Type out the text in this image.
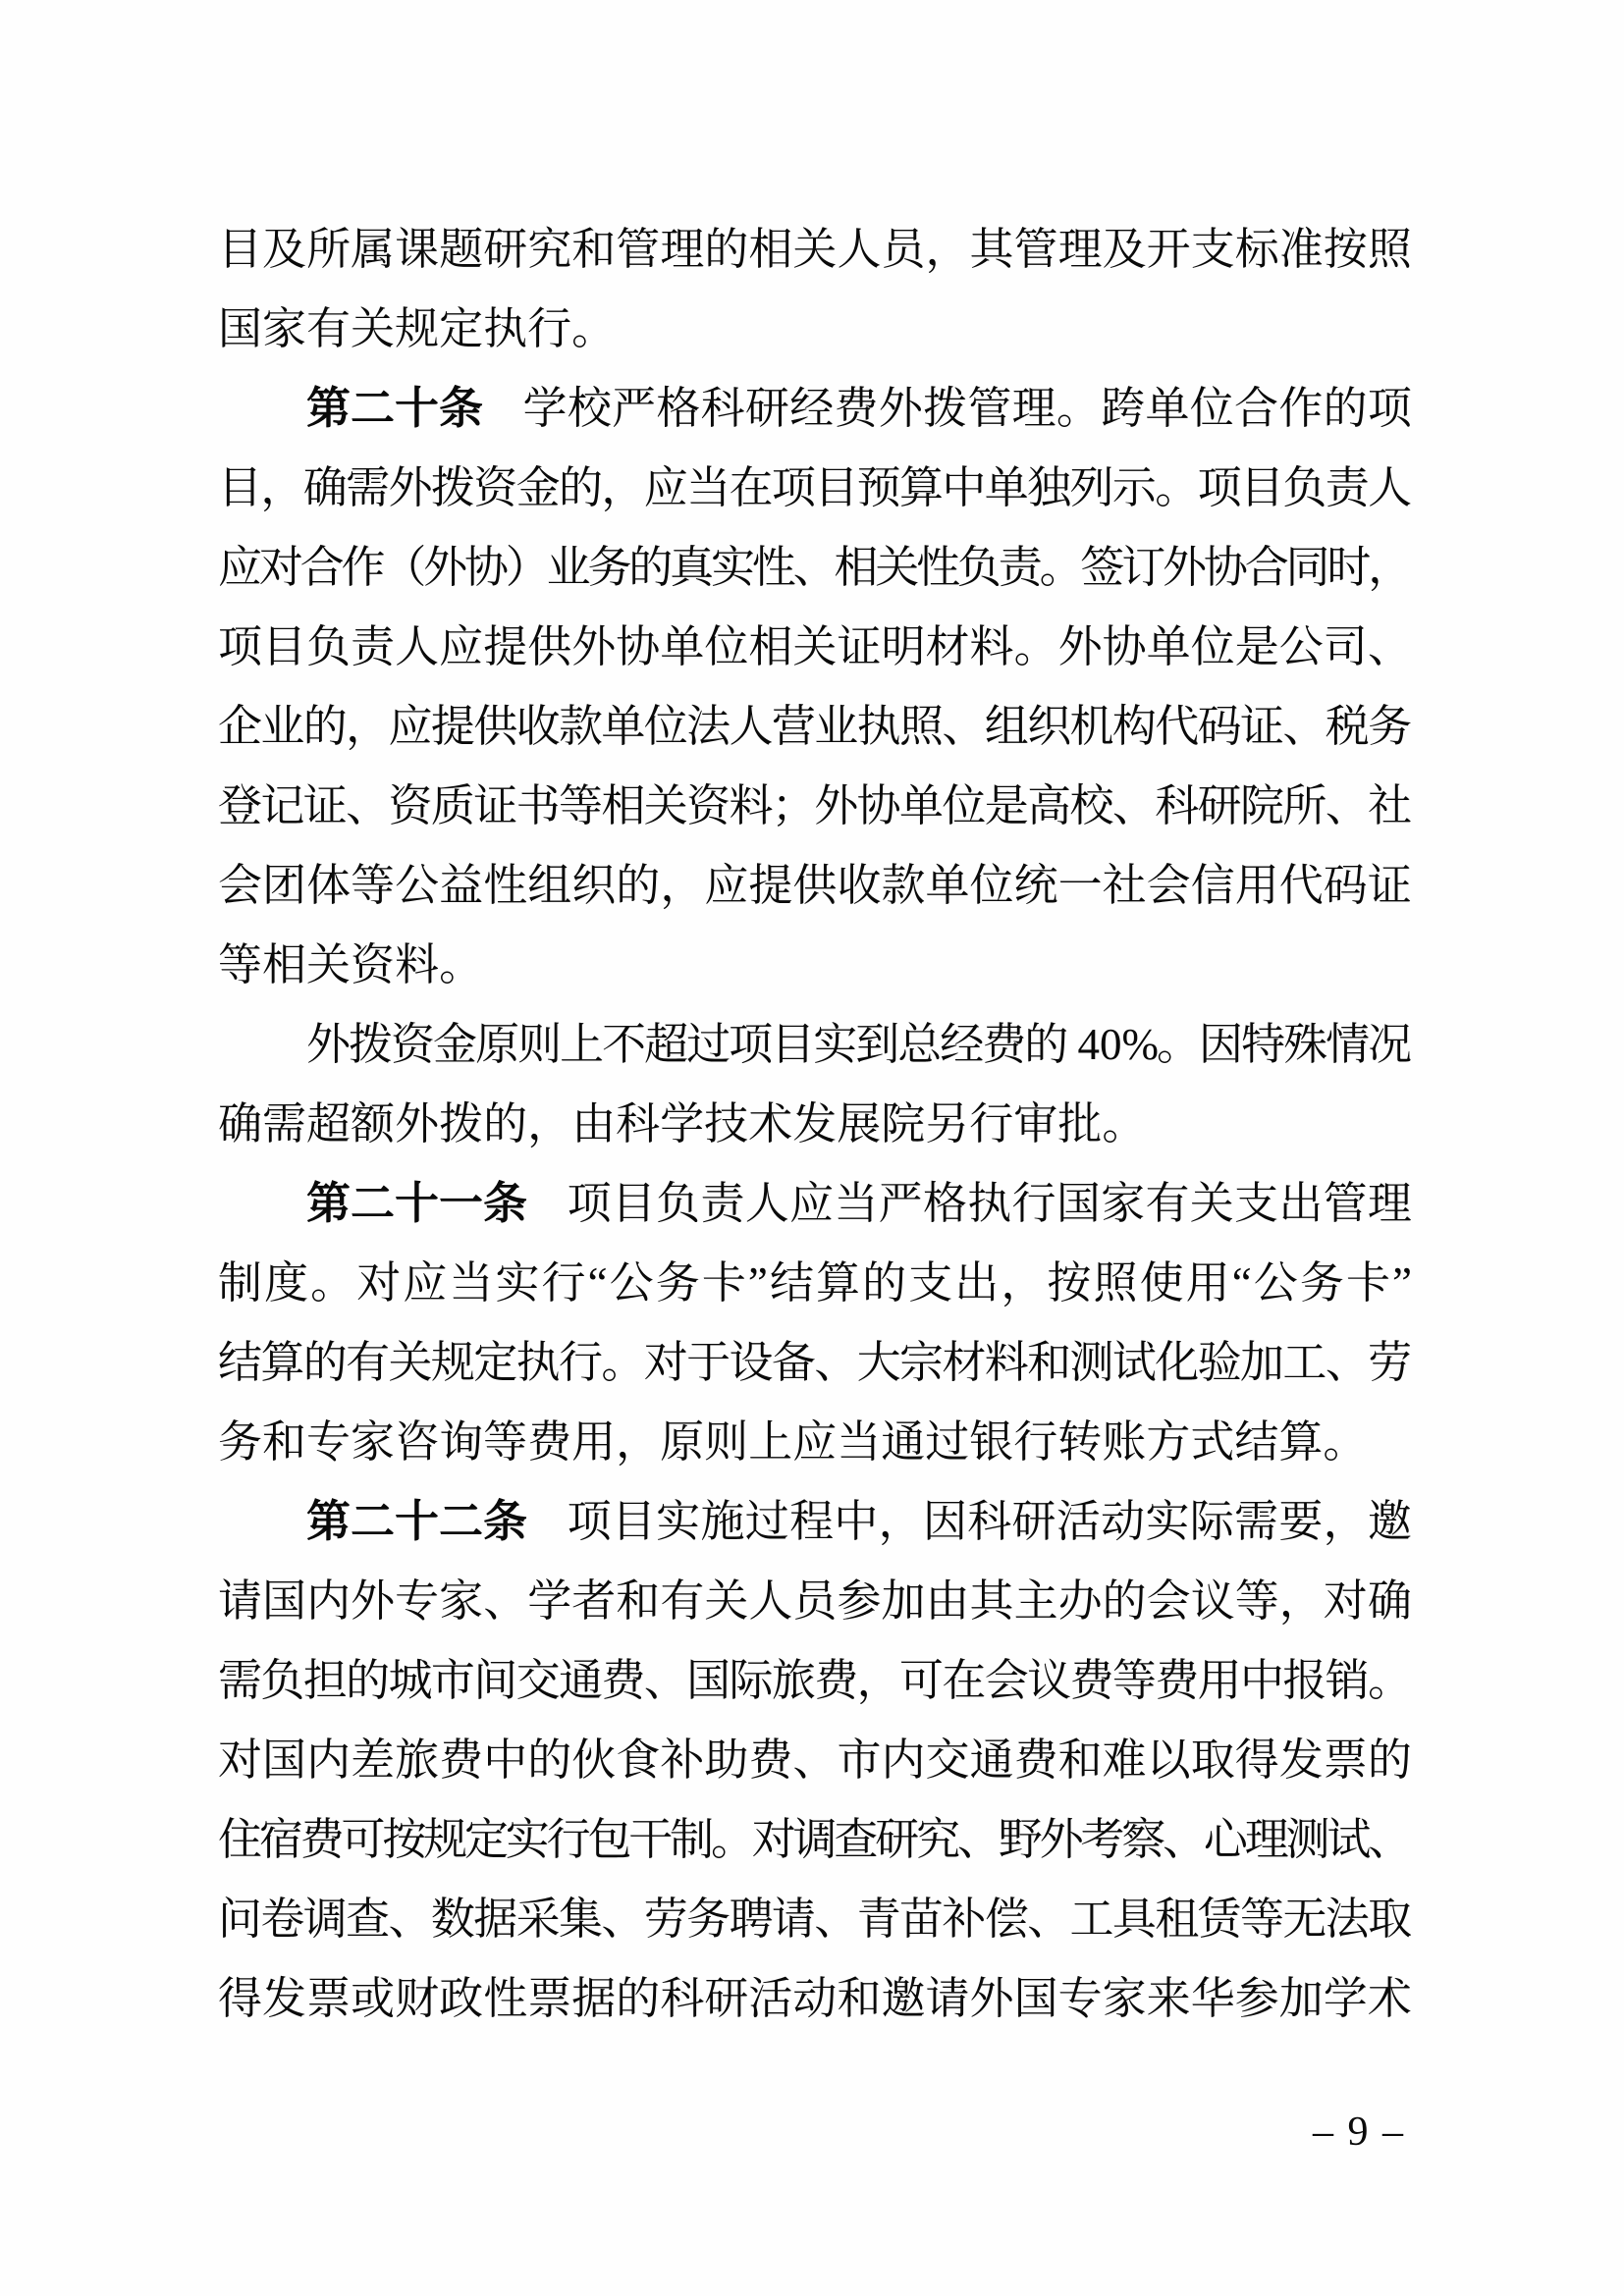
目及所属课题研究和管理的相关人员，其管理及开支标准按照
国家有关规定执行。
第二十条 学校严格科研经费外拨管理。跨单位合作的项
目，确需外拨资金的，应当在项目预算中单独列示。项目负责人
应对合作（外协）业务的真实性、相关性负责。签订外协合同时，
项目负责人应提供外协单位相关证明材料。外协单位是公司、
企业的，应提供收款单位法人营业执照、组织机构代码证、税务
登记证、资质证书等相关资料；外协单位是高校、科研院所、社
会团体等公益性组织的，应提供收款单位统一社会信用代码证
等相关资料。
外拨资金原则上不超过项目实到总经费的 40%。因特殊情况
确需超额外拨的，由科学技术发展院另行审批。
第二十一条 项目负责人应当严格执行国家有关支出管理
制度。对应当实行“公务卡”结算的支出，按照使用“公务卡”
结算的有关规定执行。对于设备、大宗材料和测试化验加工、劳
务和专家咨询等费用，原则上应当通过银行转账方式结算。
第二十二条 项目实施过程中，因科研活动实际需要，邀
请国内外专家、学者和有关人员参加由其主办的会议等，对确
需负担的城市间交通费、国际旅费，可在会议费等费用中报销。
对国内差旅费中的伙食补助费、市内交通费和难以取得发票的
住宿费可按规定实行包干制。对调查研究、野外考察、心理测试、
问卷调查、数据采集、劳务聘请、青苗补偿、工具租赁等无法取
得发票或财政性票据的科研活动和邀请外国专家来华参加学术
– 9 –
